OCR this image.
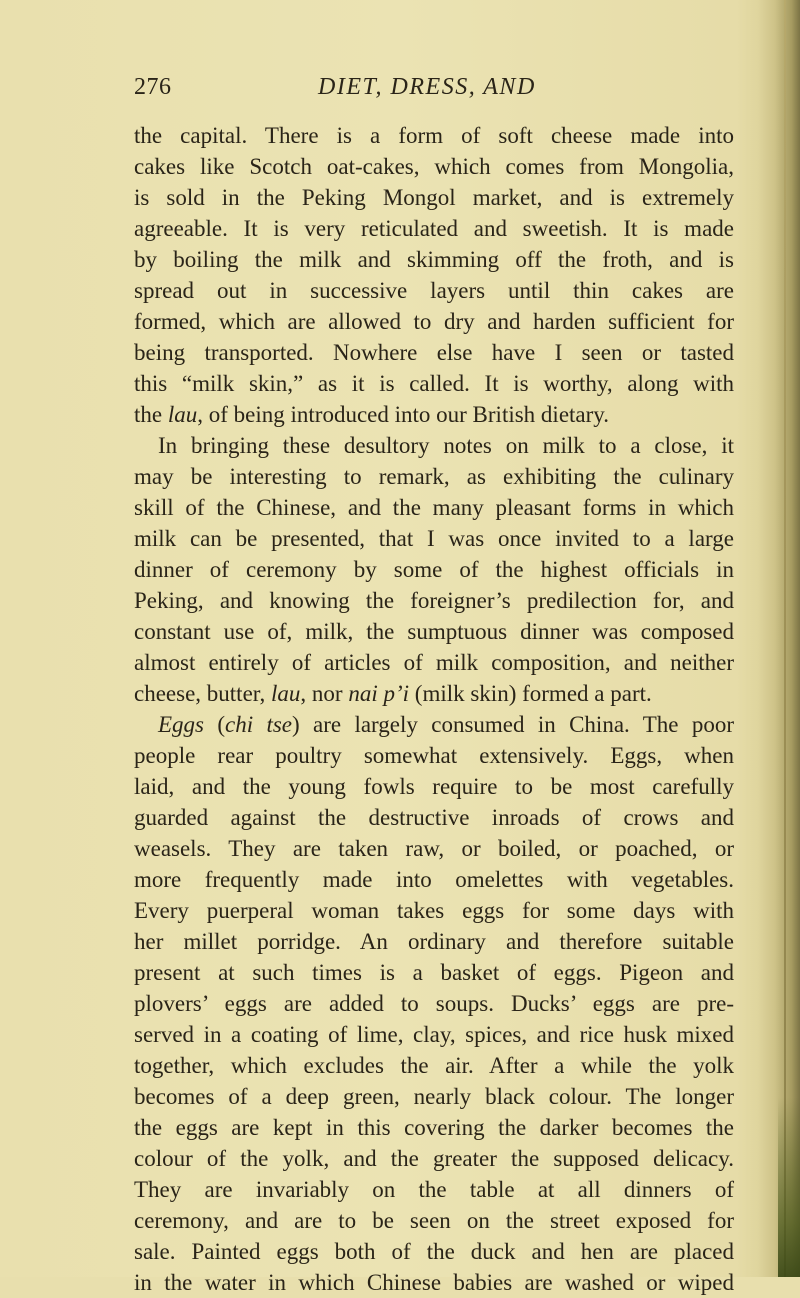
276	DIET, DRESS, AND
the capital. There is a form of soft cheese made into
cakes like Scotch oat-cakes, which comes from Mongolia,
is sold in the Peking Mongol market, and is extremely
agreeable. It is very reticulated and sweetish. It is made
by boiling the milk and skimming off the froth, and is
spread out in successive layers until thin cakes are
formed, which are allowed to dry and harden sufficient for
being transported. Nowhere else have I seen or tasted
this “milk skin,” as it is called. It is worthy, along with
the lau, of being introduced into our British dietary.
In bringing these desultory notes on milk to a close, it
may be interesting to remark, as exhibiting the culinary
skill of the Chinese, and the many pleasant forms in which
milk can be presented, that I was once invited to a large
dinner of ceremony by some of the highest officials in
Peking, and knowing the foreigner’s predilection for, and
constant use of, milk, the sumptuous dinner was composed
almost entirely of articles of milk composition, and neither
cheese, butter, lau, nor nai p’i (milk skin) formed a part.
Eggs (chi tse) are largely consumed in China. The poor
people rear poultry somewhat extensively. Eggs, when
laid, and the young fowls require to be most carefully
guarded against the destructive inroads of crows and
weasels. They are taken raw, or boiled, or poached, or
more frequently made into omelettes with vegetables.
Every puerperal woman takes eggs for some days with
her millet porridge. An ordinary and therefore suitable
present at such times is a basket of eggs. Pigeon and
plovers’ eggs are added to soups. Ducks’ eggs are pre-
served in a coating of lime, clay, spices, and rice husk mixed
together, which excludes the air. After a while the yolk
becomes of a deep green, nearly black colour. The longer
the eggs are kept in this covering the darker becomes the
colour of the yolk, and the greater the supposed delicacy.
They are invariably on the table at all dinners of
ceremony, and are to be seen on the street exposed for
sale. Painted eggs both of the duck and hen are placed
in the water in which Chinese babies are washed or wiped
